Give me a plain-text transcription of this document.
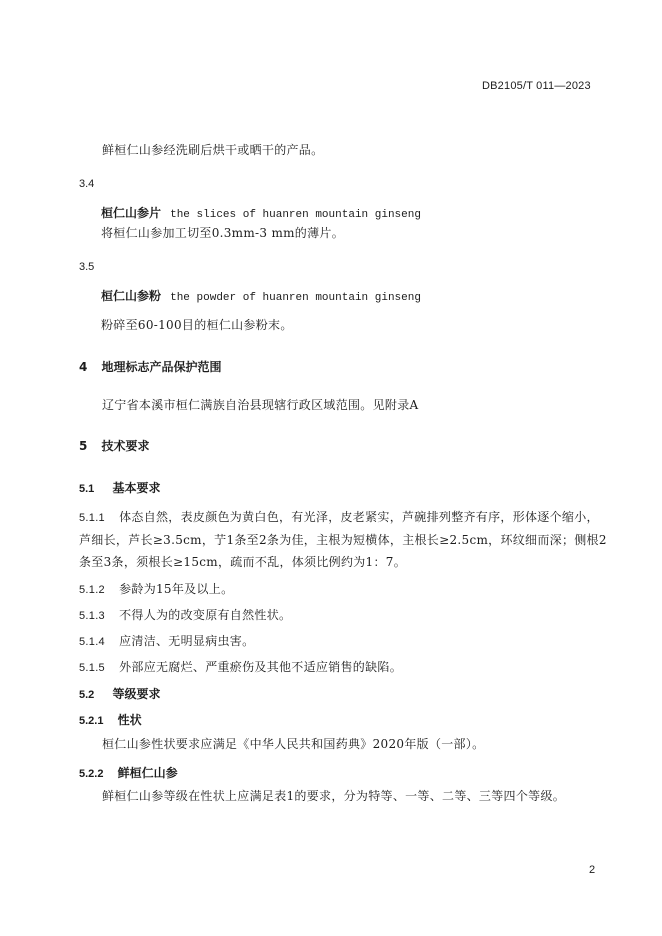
DB2105/T 011—2023
鲜桓仁山参经洗刷后烘干或晒干的产品。
3.4
桓仁山参片 the slices of huanren mountain ginseng
将桓仁山参加工切至0.3mm-3 mm的薄片。
3.5
桓仁山参粉 the powder of huanren mountain ginseng
粉碎至60-100目的桓仁山参粉末。
4 地理标志产品保护范围
辽宁省本溪市桓仁满族自治县现辖行政区域范围。见附录A
5 技术要求
5.1 基本要求
5.1.1 体态自然，表皮颜色为黄白色，有光泽，皮老紧实，芦碗排列整齐有序，形体逐个缩小，芦细长，芦长≥3.5cm，艼1条至2条为佳，主根为短横体，主根长≥2.5cm，环纹细而深；侧根2条至3条，须根长≥15cm，疏而不乱，体须比例约为1：7。
5.1.2 参龄为15年及以上。
5.1.3 不得人为的改变原有自然性状。
5.1.4 应清洁、无明显病虫害。
5.1.5 外部应无腐烂、严重瘀伤及其他不适应销售的缺陷。
5.2 等级要求
5.2.1 性状
桓仁山参性状要求应满足《中华人民共和国药典》2020年版（一部）。
5.2.2 鲜桓仁山参
鲜桓仁山参等级在性状上应满足表1的要求，分为特等、一等、二等、三等四个等级。
2
